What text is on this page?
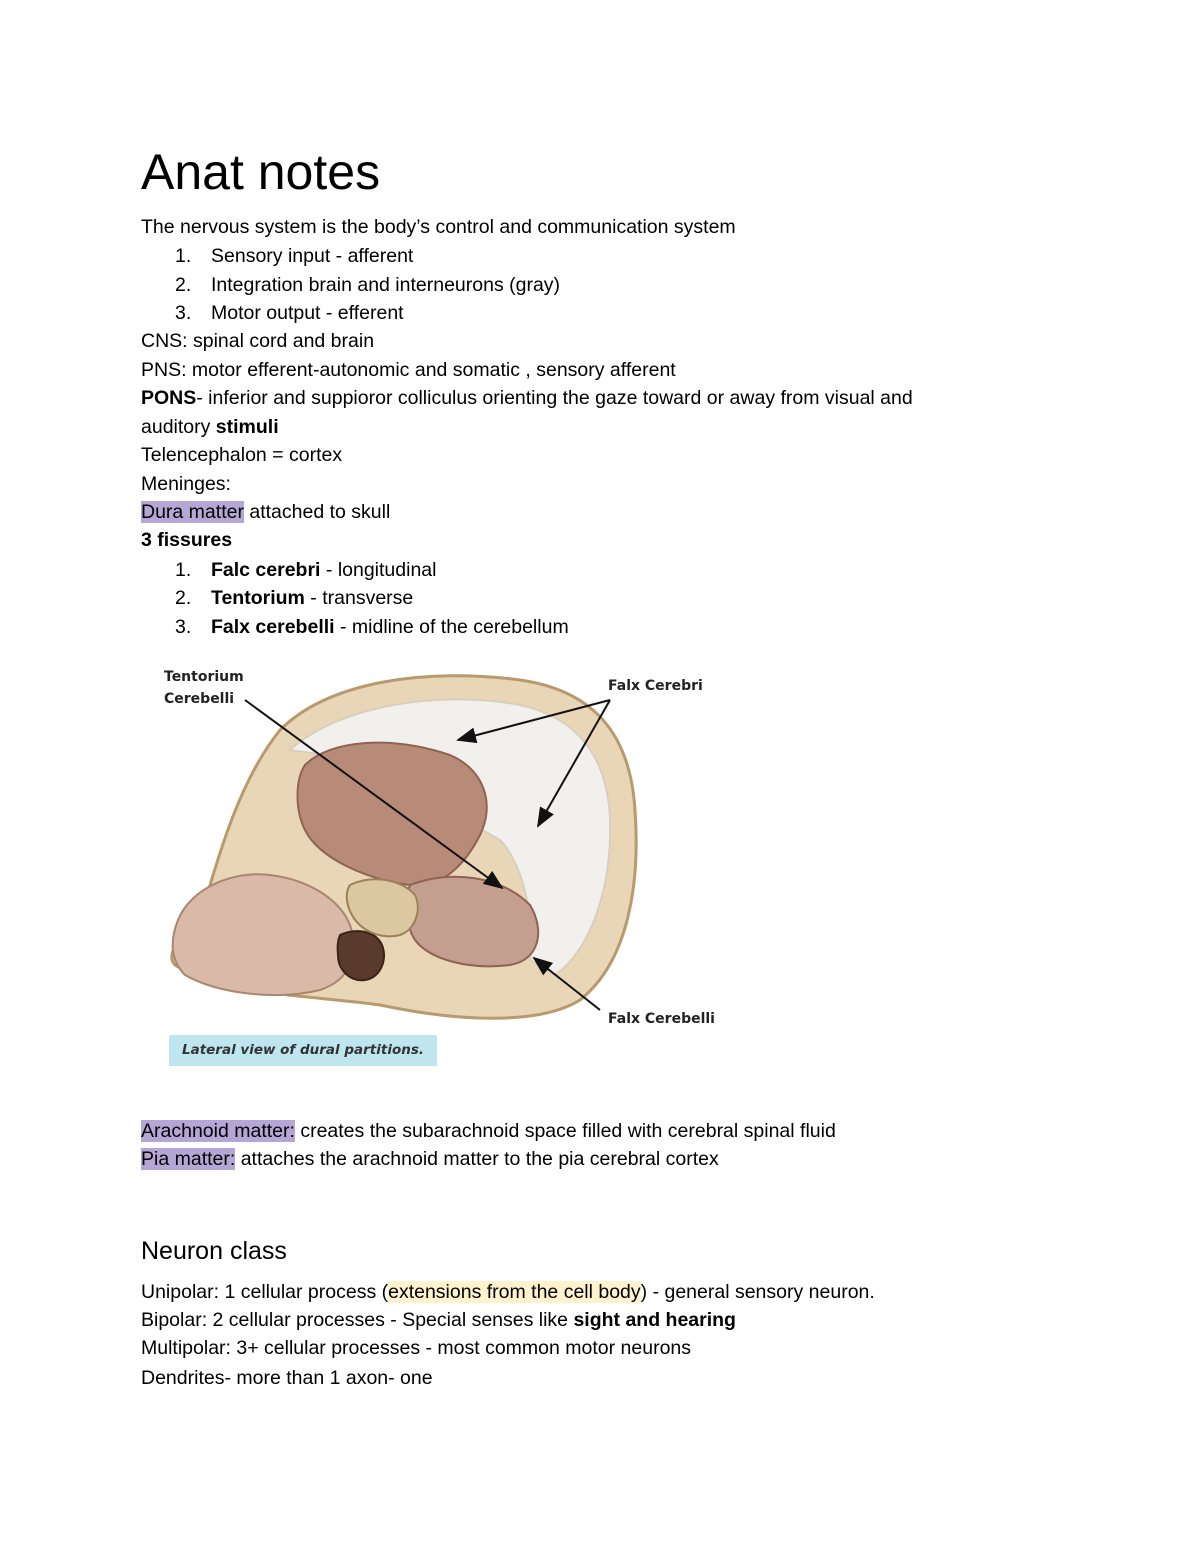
Anat notes
The nervous system is the body’s control and communication system
1. Sensory input - afferent
2. Integration brain and interneurons (gray)
3. Motor output - efferent
CNS: spinal cord and brain
PNS: motor efferent-autonomic and somatic , sensory afferent
PONS- inferior and suppioror colliculus orienting the gaze toward or away from visual and
auditory stimuli
Telencephalon = cortex
Meninges:
Dura matter attached to skull
3 fissures
1. Falc cerebri - longitudinal
2. Tentorium - transverse
3. Falx cerebelli - midline of the cerebellum
Arachnoid matter: creates the subarachnoid space filled with cerebral spinal fluid
Pia matter: attaches the arachnoid matter to the pia cerebral cortex
Neuron class
Unipolar: 1 cellular process (extensions from the cell body) - general sensory neuron.
Bipolar: 2 cellular processes - Special senses like sight and hearing
Multipolar: 3+ cellular processes - most common motor neurons
Dendrites- more than 1 axon- one
Tentorium
Cerebelli
Falx Cerebri
Falx Cerebelli
Lateral view of dural partitions.
